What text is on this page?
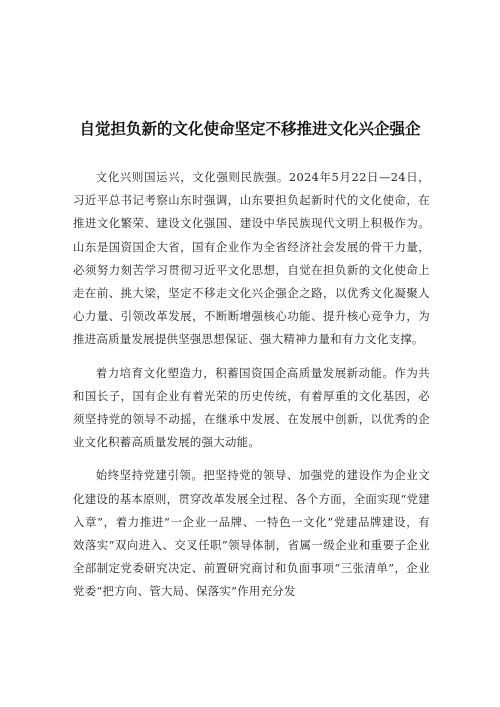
自觉担负新的文化使命坚定不移推进文化兴企强企

文化兴则国运兴，文化强则民族强。2024年5月22日—24日，习近平总书记考察山东时强调，山东要担负起新时代的文化使命，在推进文化繁荣、建设文化强国、建设中华民族现代文明上积极作为。山东是国资国企大省，国有企业作为全省经济社会发展的骨干力量，必须努力刻苦学习贯彻习近平文化思想，自觉在担负新的文化使命上走在前、挑大梁，坚定不移走文化兴企强企之路，以优秀文化凝聚人心力量、引领改革发展，不断断增强核心功能、提升核心竞争力，为推进高质量发展提供坚强思想保证、强大精神力量和有力文化支撑。

着力培育文化塑造力，积蓄国资国企高质量发展新动能。作为共和国长子，国有企业有着光荣的历史传统，有着厚重的文化基因，必须坚持党的领导不动摇，在继承中发展、在发展中创新，以优秀的企业文化积蓄高质量发展的强大动能。

始终坚持党建引领。把坚持党的领导、加强党的建设作为企业文化建设的基本原则，贯穿改革发展全过程、各个方面，全面实现“党建入章”，着力推进“一企业一品牌、一特色一文化”党建品牌建设，有效落实“双向进入、交叉任职”领导体制，省属一级企业和重要子企业全部制定党委研究决定、前置研究商讨和负面事项“三张清单”，企业党委“把方向、管大局、保落实”作用充分发
